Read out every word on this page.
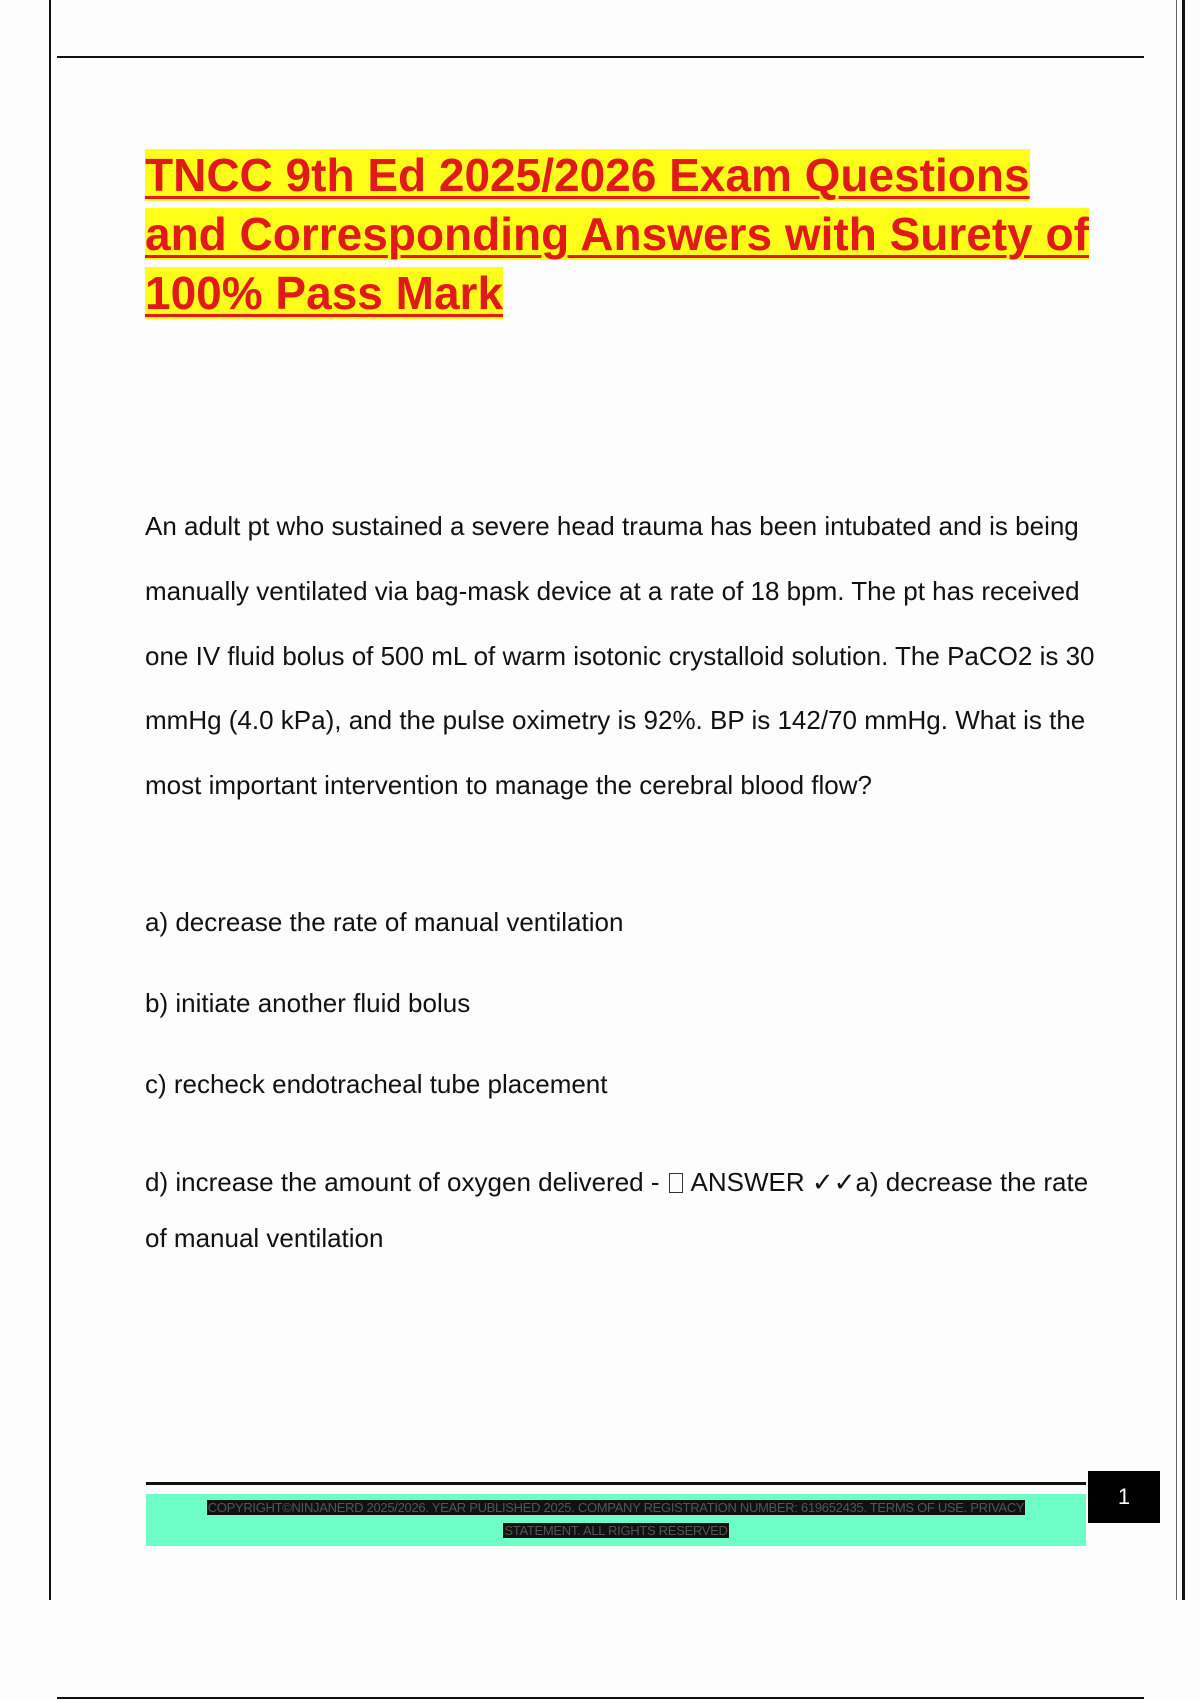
TNCC 9th Ed 2025/2026 Exam Questions and Corresponding Answers with Surety of 100% Pass Mark

An adult pt who sustained a severe head trauma has been intubated and is being manually ventilated via bag-mask device at a rate of 18 bpm. The pt has received one IV fluid bolus of 500 mL of warm isotonic crystalloid solution. The PaCO2 is 30 mmHg (4.0 kPa), and the pulse oximetry is 92%. BP is 142/70 mmHg. What is the most important intervention to manage the cerebral blood flow?

a) decrease the rate of manual ventilation

b) initiate another fluid bolus

c) recheck endotracheal tube placement

d) increase the amount of oxygen delivered - ANSWER ✓✓a) decrease the rate of manual ventilation

COPYRIGHT©NINJANERD 2025/2026. YEAR PUBLISHED 2025. COMPANY REGISTRATION NUMBER: 619652435. TERMS OF USE. PRIVACY
STATEMENT. ALL RIGHTS RESERVED
1
